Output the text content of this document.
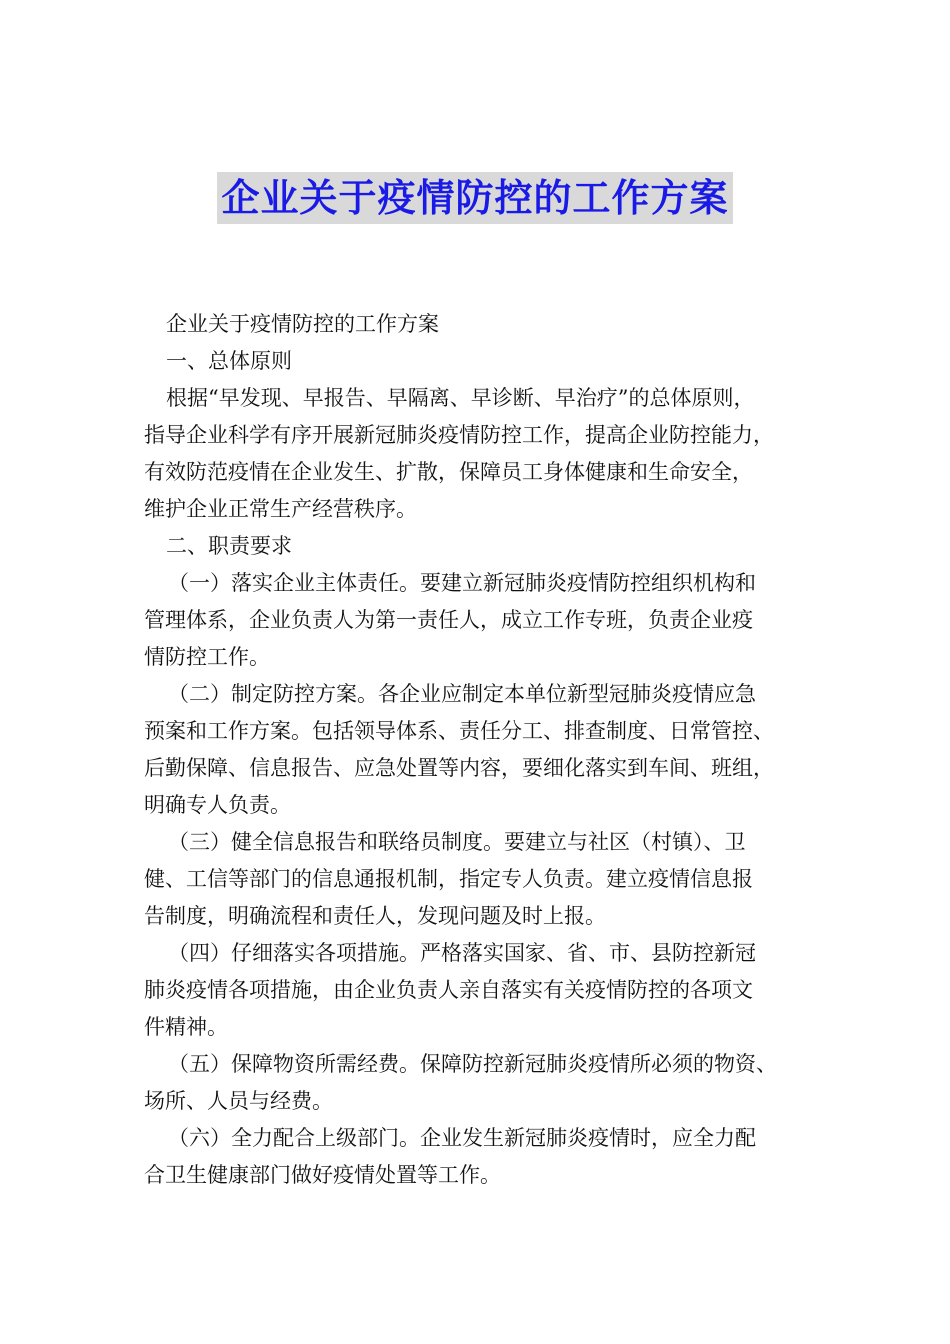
企业关于疫情防控的工作方案
企业关于疫情防控的工作方案
一、总体原则
根据“早发现、早报告、早隔离、早诊断、早治疗”的总体原则，
指导企业科学有序开展新冠肺炎疫情防控工作，提高企业防控能力，
有效防范疫情在企业发生、扩散，保障员工身体健康和生命安全，
维护企业正常生产经营秩序。
二、职责要求
（一）落实企业主体责任。要建立新冠肺炎疫情防控组织机构和
管理体系，企业负责人为第一责任人，成立工作专班，负责企业疫
情防控工作。
（二）制定防控方案。各企业应制定本单位新型冠肺炎疫情应急
预案和工作方案。包括领导体系、责任分工、排查制度、日常管控、
后勤保障、信息报告、应急处置等内容，要细化落实到车间、班组，
明确专人负责。
（三）健全信息报告和联络员制度。要建立与社区（村镇）、卫
健、工信等部门的信息通报机制，指定专人负责。建立疫情信息报
告制度，明确流程和责任人，发现问题及时上报。
（四）仔细落实各项措施。严格落实国家、省、市、县防控新冠
肺炎疫情各项措施，由企业负责人亲自落实有关疫情防控的各项文
件精神。
（五）保障物资所需经费。保障防控新冠肺炎疫情所必须的物资、
场所、人员与经费。
（六）全力配合上级部门。企业发生新冠肺炎疫情时，应全力配
合卫生健康部门做好疫情处置等工作。
